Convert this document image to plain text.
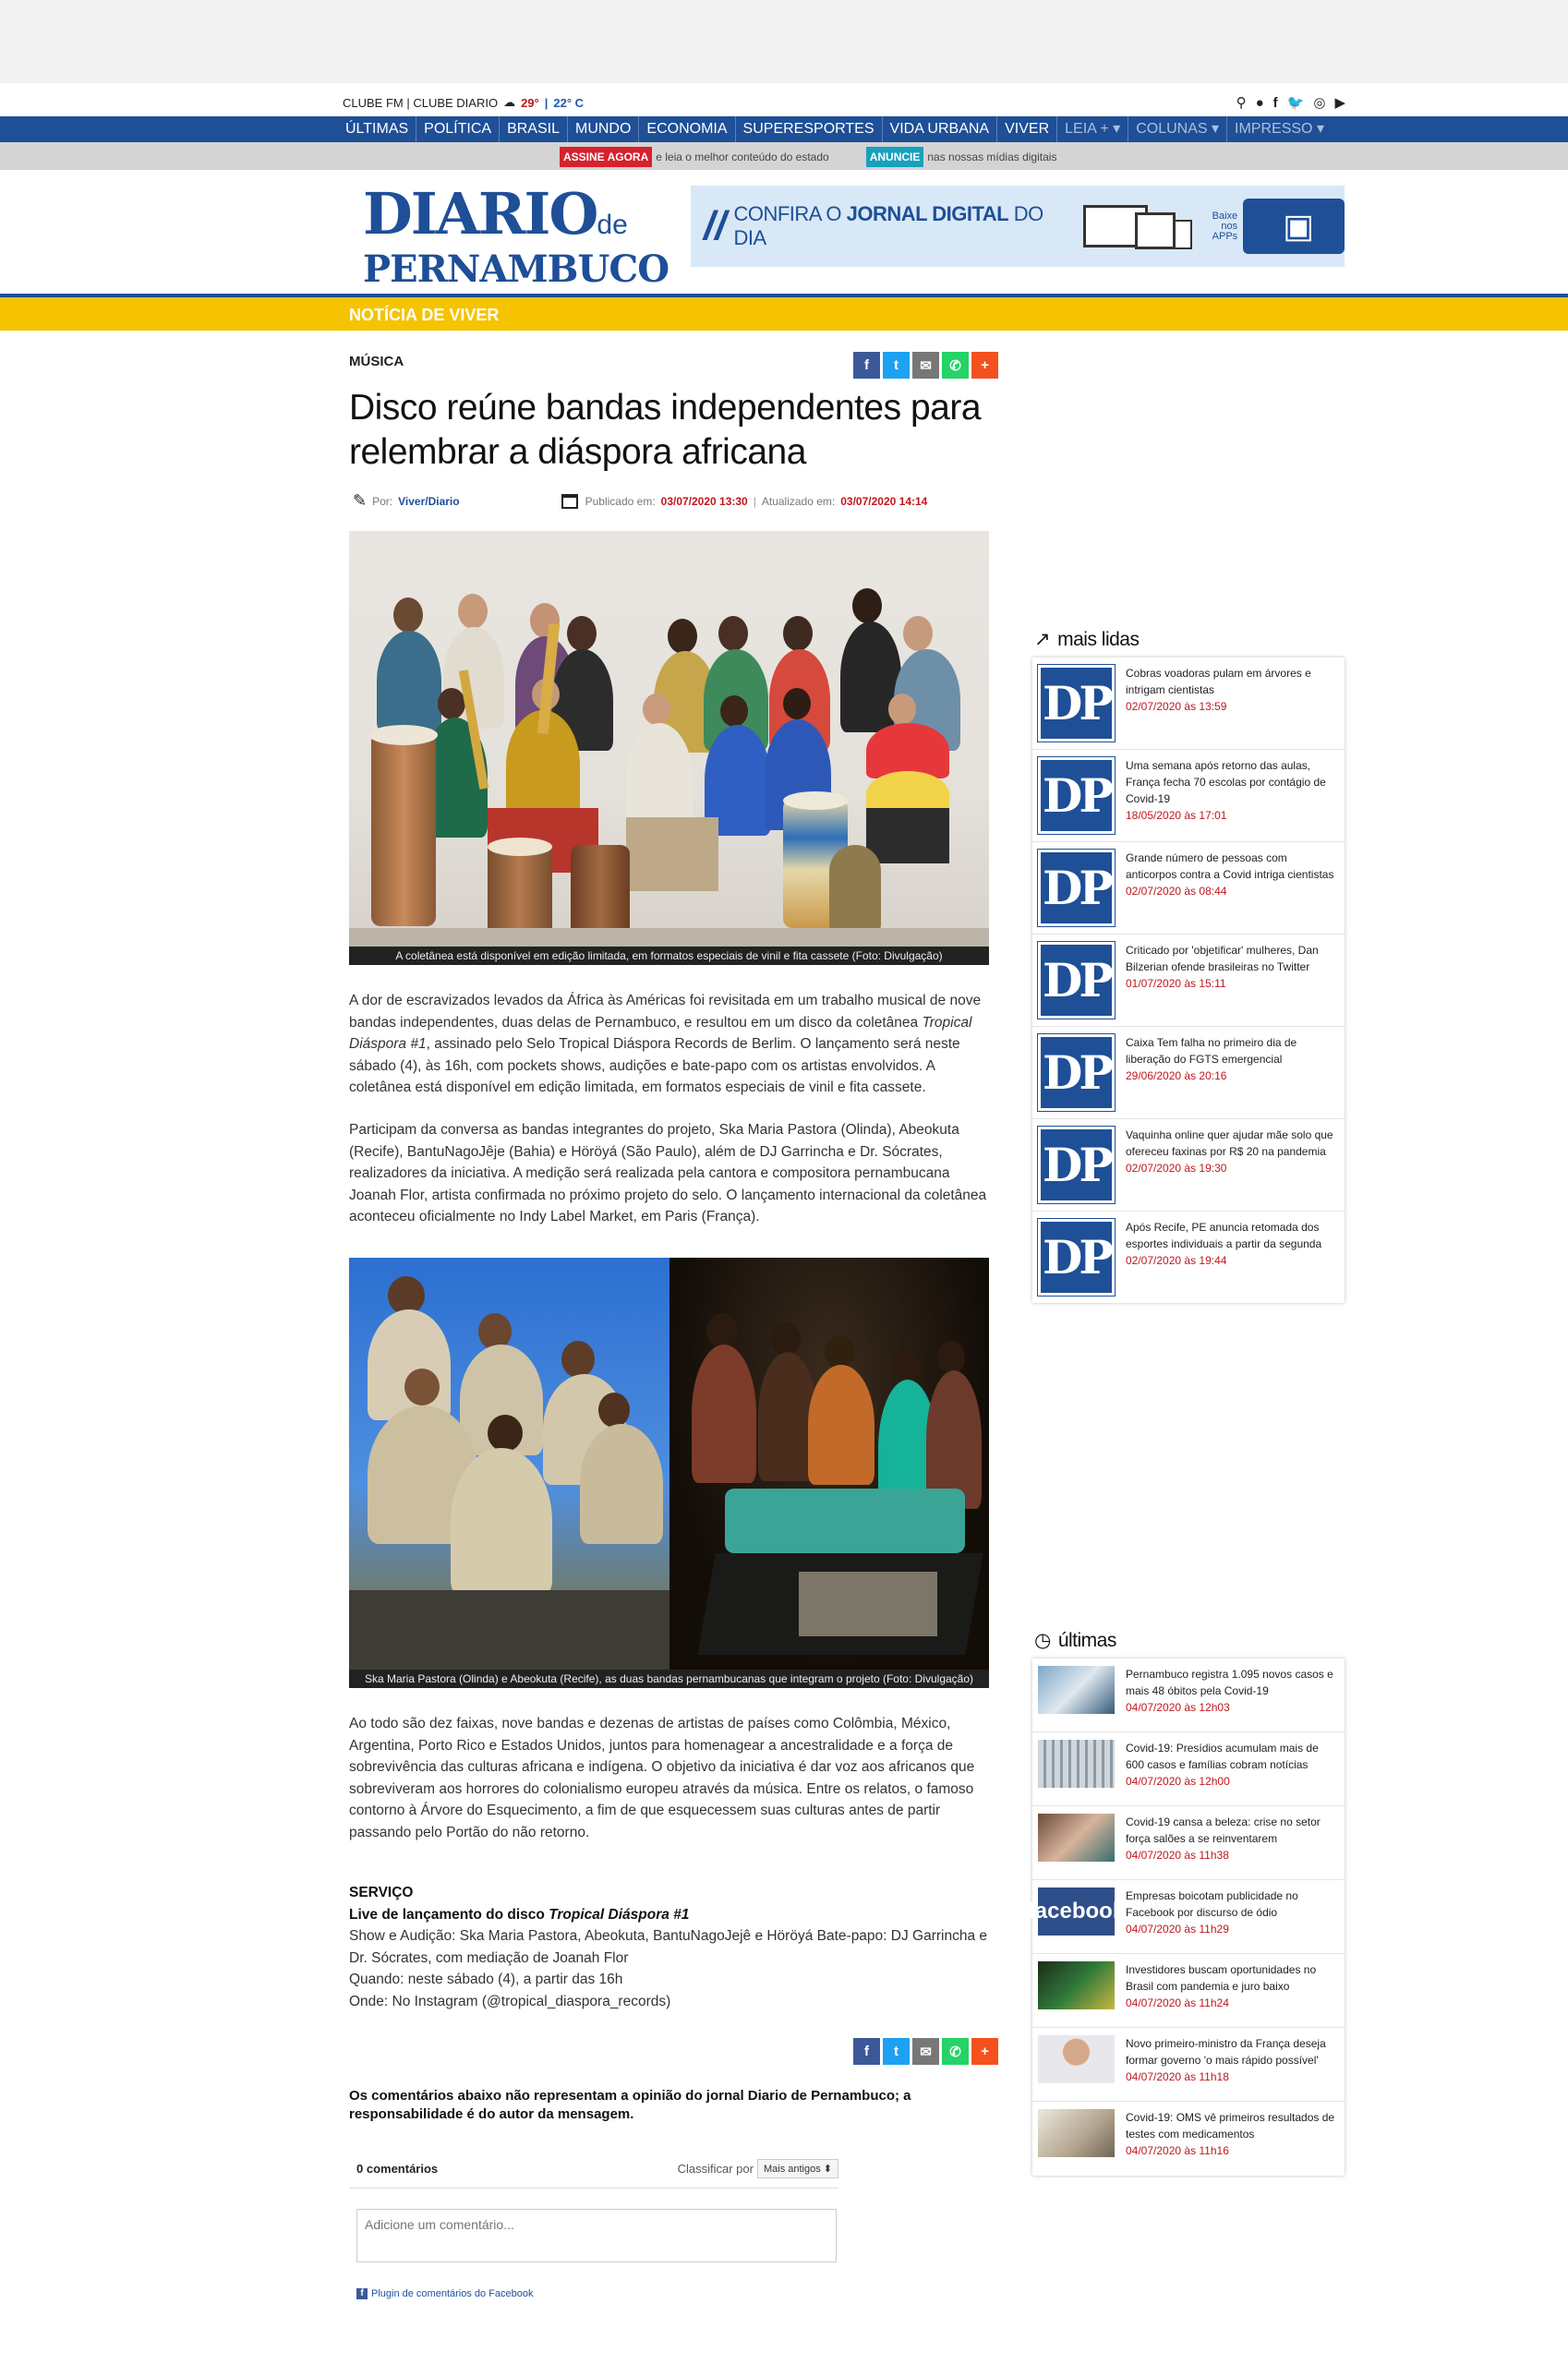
CLUBE FM | CLUBE DIARIO ☁ 29° | 22° C	⚲ ● f 🐦 ◎ ▶
ÚLTIMAS	POLÍTICA	BRASIL	MUNDO	ECONOMIA	SUPERESPORTES	VIDA URBANA	VIVER	LEIA + ▾	COLUNAS ▾	IMPRESSO ▾
ASSINE AGORA e leia o melhor conteúdo do estado	ANUNCIE nas nossas mídias digitais
DIARIOde
PERNAMBUCO
// CONFIRA O JORNAL DIGITAL DO DIA
Baixe nos APPs ▣
NOTÍCIA DE VIVER
MÚSICA	f	t	✉	✆	+
Disco reúne bandas independentes para relembrar a diáspora africana
✎ Por: Viver/Diario	Publicado em: 03/07/2020 13:30 | Atualizado em: 03/07/2020 14:14
A coletânea está disponível em edição limitada, em formatos especiais de vinil e fita cassete (Foto: Divulgação)

A dor de escravizados levados da África às Américas foi revisitada em um trabalho musical de nove bandas independentes, duas delas de Pernambuco, e resultou em um disco da coletânea Tropical Diáspora #1, assinado pelo Selo Tropical Diáspora Records de Berlim. O lançamento será neste sábado (4), às 16h, com pockets shows, audições e bate-papo com os artistas envolvidos. A coletânea está disponível em edição limitada, em formatos especiais de vinil e fita cassete.

Participam da conversa as bandas integrantes do projeto, Ska Maria Pastora (Olinda), Abeokuta (Recife), BantuNagoJêje (Bahia) e Höröyá (São Paulo), além de DJ Garrincha e Dr. Sócrates, realizadores da iniciativa. A medição será realizada pela cantora e compositora pernambucana Joanah Flor, artista confirmada no próximo projeto do selo. O lançamento internacional da coletânea aconteceu oficialmente no Indy Label Market, em Paris (França).

Ska Maria Pastora (Olinda) e Abeokuta (Recife), as duas bandas pernambucanas que integram o projeto (Foto: Divulgação)

Ao todo são dez faixas, nove bandas e dezenas de artistas de países como Colômbia, México, Argentina, Porto Rico e Estados Unidos, juntos para homenagear a ancestralidade e a força de sobrevivência das culturas africana e indígena. O objetivo da iniciativa é dar voz aos africanos que sobreviveram aos horrores do colonialismo europeu através da música. Entre os relatos, o famoso contorno à Árvore do Esquecimento, a fim de que esquecessem suas culturas antes de partir passando pelo Portão do não retorno.

SERVIÇO
Live de lançamento do disco Tropical Diáspora #1
Show e Audição: Ska Maria Pastora, Abeokuta, BantuNagoJejê e Höröyá Bate-papo: DJ Garrincha e Dr. Sócrates, com mediação de Joanah Flor
Quando: neste sábado (4), a partir das 16h
Onde: No Instagram (@tropical_diaspora_records)
f	t	✉	✆	+
Os comentários abaixo não representam a opinião do jornal Diario de Pernambuco; a responsabilidade é do autor da mensagem.
0 comentários	Classificar por	Mais antigos ⬍
Adicione um comentário...
f Plugin de comentários do Facebook
↗ mais lidas
DP
Cobras voadoras pulam em árvores e intrigam cientistas
02/07/2020 às 13:59
DP
Uma semana após retorno das aulas, França fecha 70 escolas por contágio de Covid-19
18/05/2020 às 17:01
DP
Grande número de pessoas com anticorpos contra a Covid intriga cientistas
02/07/2020 às 08:44
DP
Criticado por 'objetificar' mulheres, Dan Bilzerian ofende brasileiras no Twitter
01/07/2020 às 15:11
DP
Caixa Tem falha no primeiro dia de liberação do FGTS emergencial
29/06/2020 às 20:16
DP
Vaquinha online quer ajudar mãe solo que ofereceu faxinas por R$ 20 na pandemia
02/07/2020 às 19:30
DP
Após Recife, PE anuncia retomada dos esportes individuais a partir da segunda
02/07/2020 às 19:44
◷ últimas
Pernambuco registra 1.095 novos casos e mais 48 óbitos pela Covid-19
04/07/2020 às 12h03
Covid-19: Presídios acumulam mais de 600 casos e famílias cobram notícias
04/07/2020 às 12h00
Covid-19 cansa a beleza: crise no setor força salões a se reinventarem
04/07/2020 às 11h38
facebook
Empresas boicotam publicidade no Facebook por discurso de ódio
04/07/2020 às 11h29
Investidores buscam oportunidades no Brasil com pandemia e juro baixo
04/07/2020 às 11h24
Novo primeiro-ministro da França deseja formar governo 'o mais rápido possível'
04/07/2020 às 11h18
Covid-19: OMS vê primeiros resultados de testes com medicamentos
04/07/2020 às 11h16
